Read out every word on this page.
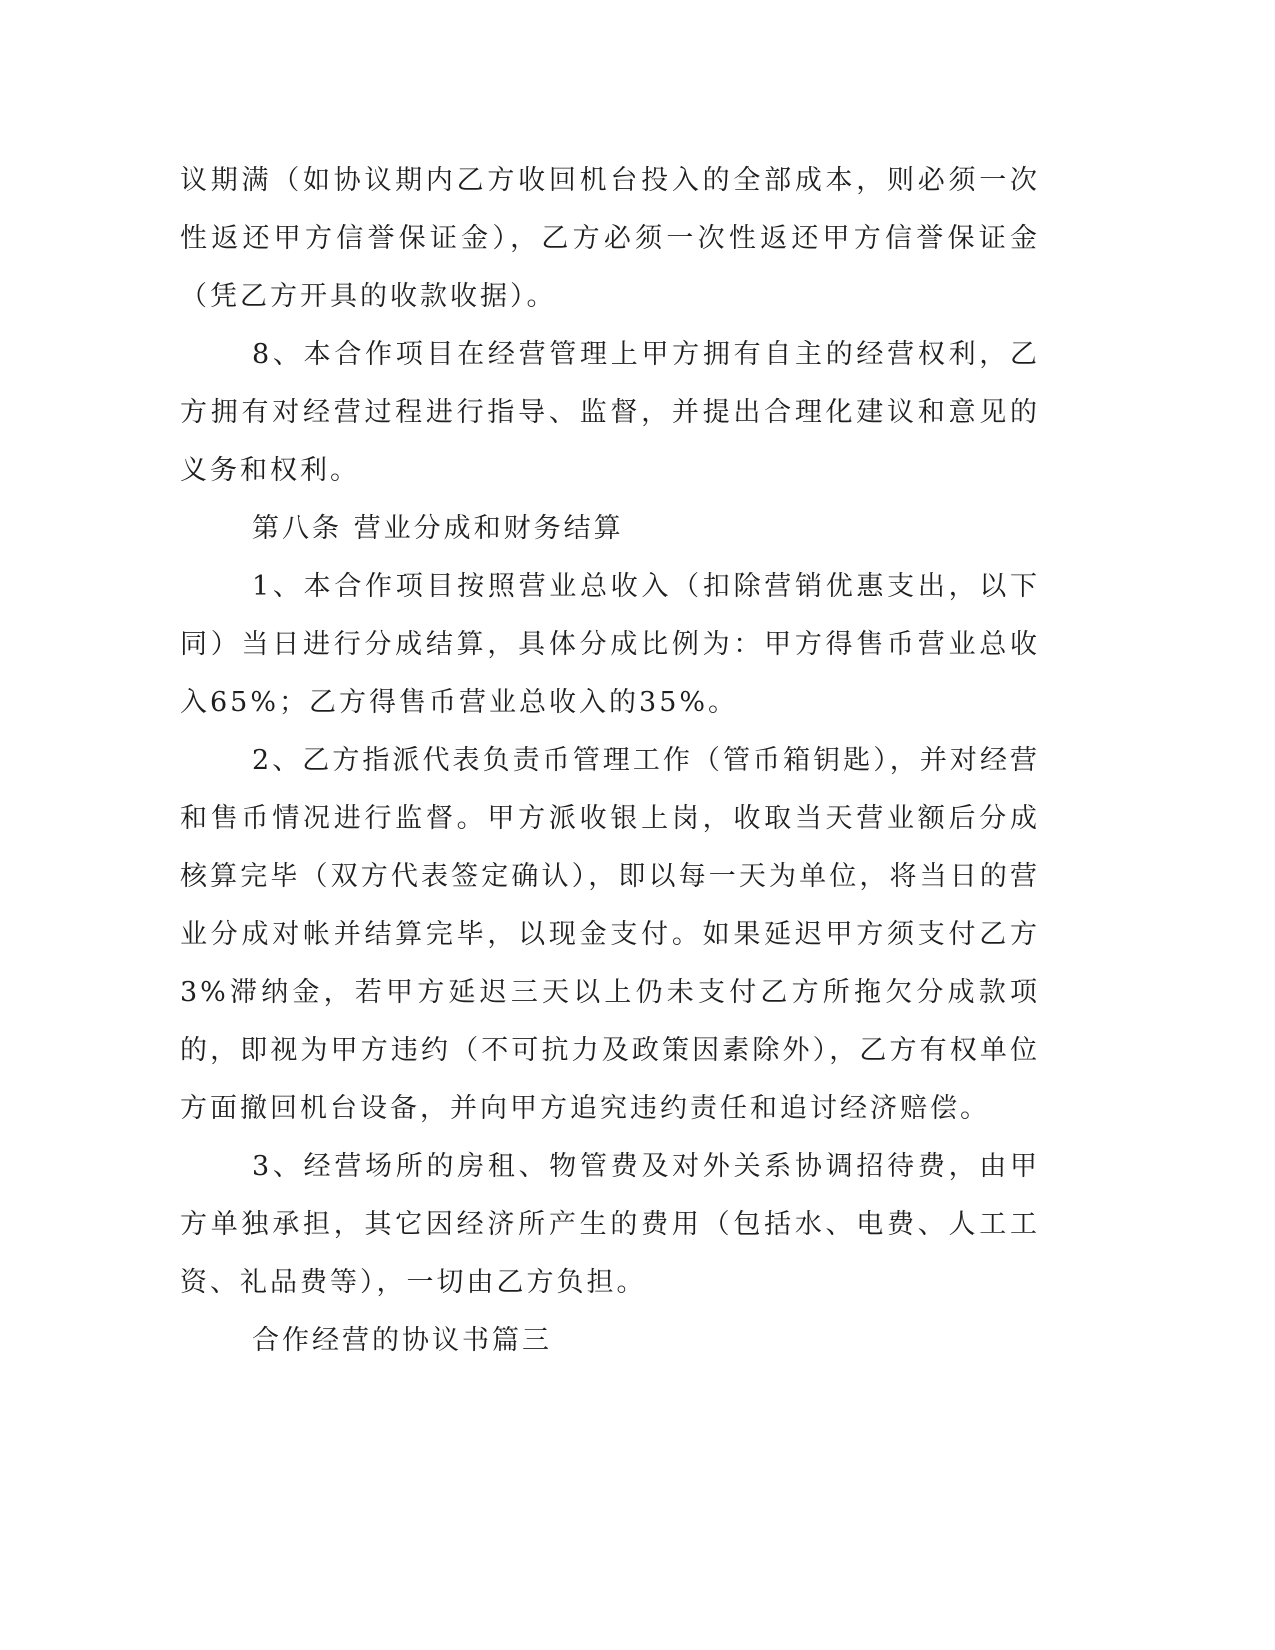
议期满（如协议期内乙方收回机台投入的全部成本，则必须一次性返还甲方信誉保证金），乙方必须一次性返还甲方信誉保证金（凭乙方开具的收款收据）。

8、本合作项目在经营管理上甲方拥有自主的经营权利，乙方拥有对经营过程进行指导、监督，并提出合理化建议和意见的义务和权利。

第八条 营业分成和财务结算

1、本合作项目按照营业总收入（扣除营销优惠支出，以下同）当日进行分成结算，具体分成比例为：甲方得售币营业总收入65%；乙方得售币营业总收入的35%。

2、乙方指派代表负责币管理工作（管币箱钥匙），并对经营和售币情况进行监督。甲方派收银上岗，收取当天营业额后分成核算完毕（双方代表签定确认），即以每一天为单位，将当日的营业分成对帐并结算完毕，以现金支付。如果延迟甲方须支付乙方3%滞纳金，若甲方延迟三天以上仍未支付乙方所拖欠分成款项的，即视为甲方违约（不可抗力及政策因素除外），乙方有权单位方面撤回机台设备，并向甲方追究违约责任和追讨经济赔偿。

3、经营场所的房租、物管费及对外关系协调招待费，由甲方单独承担，其它因经济所产生的费用（包括水、电费、人工工资、礼品费等），一切由乙方负担。

合作经营的协议书篇三
